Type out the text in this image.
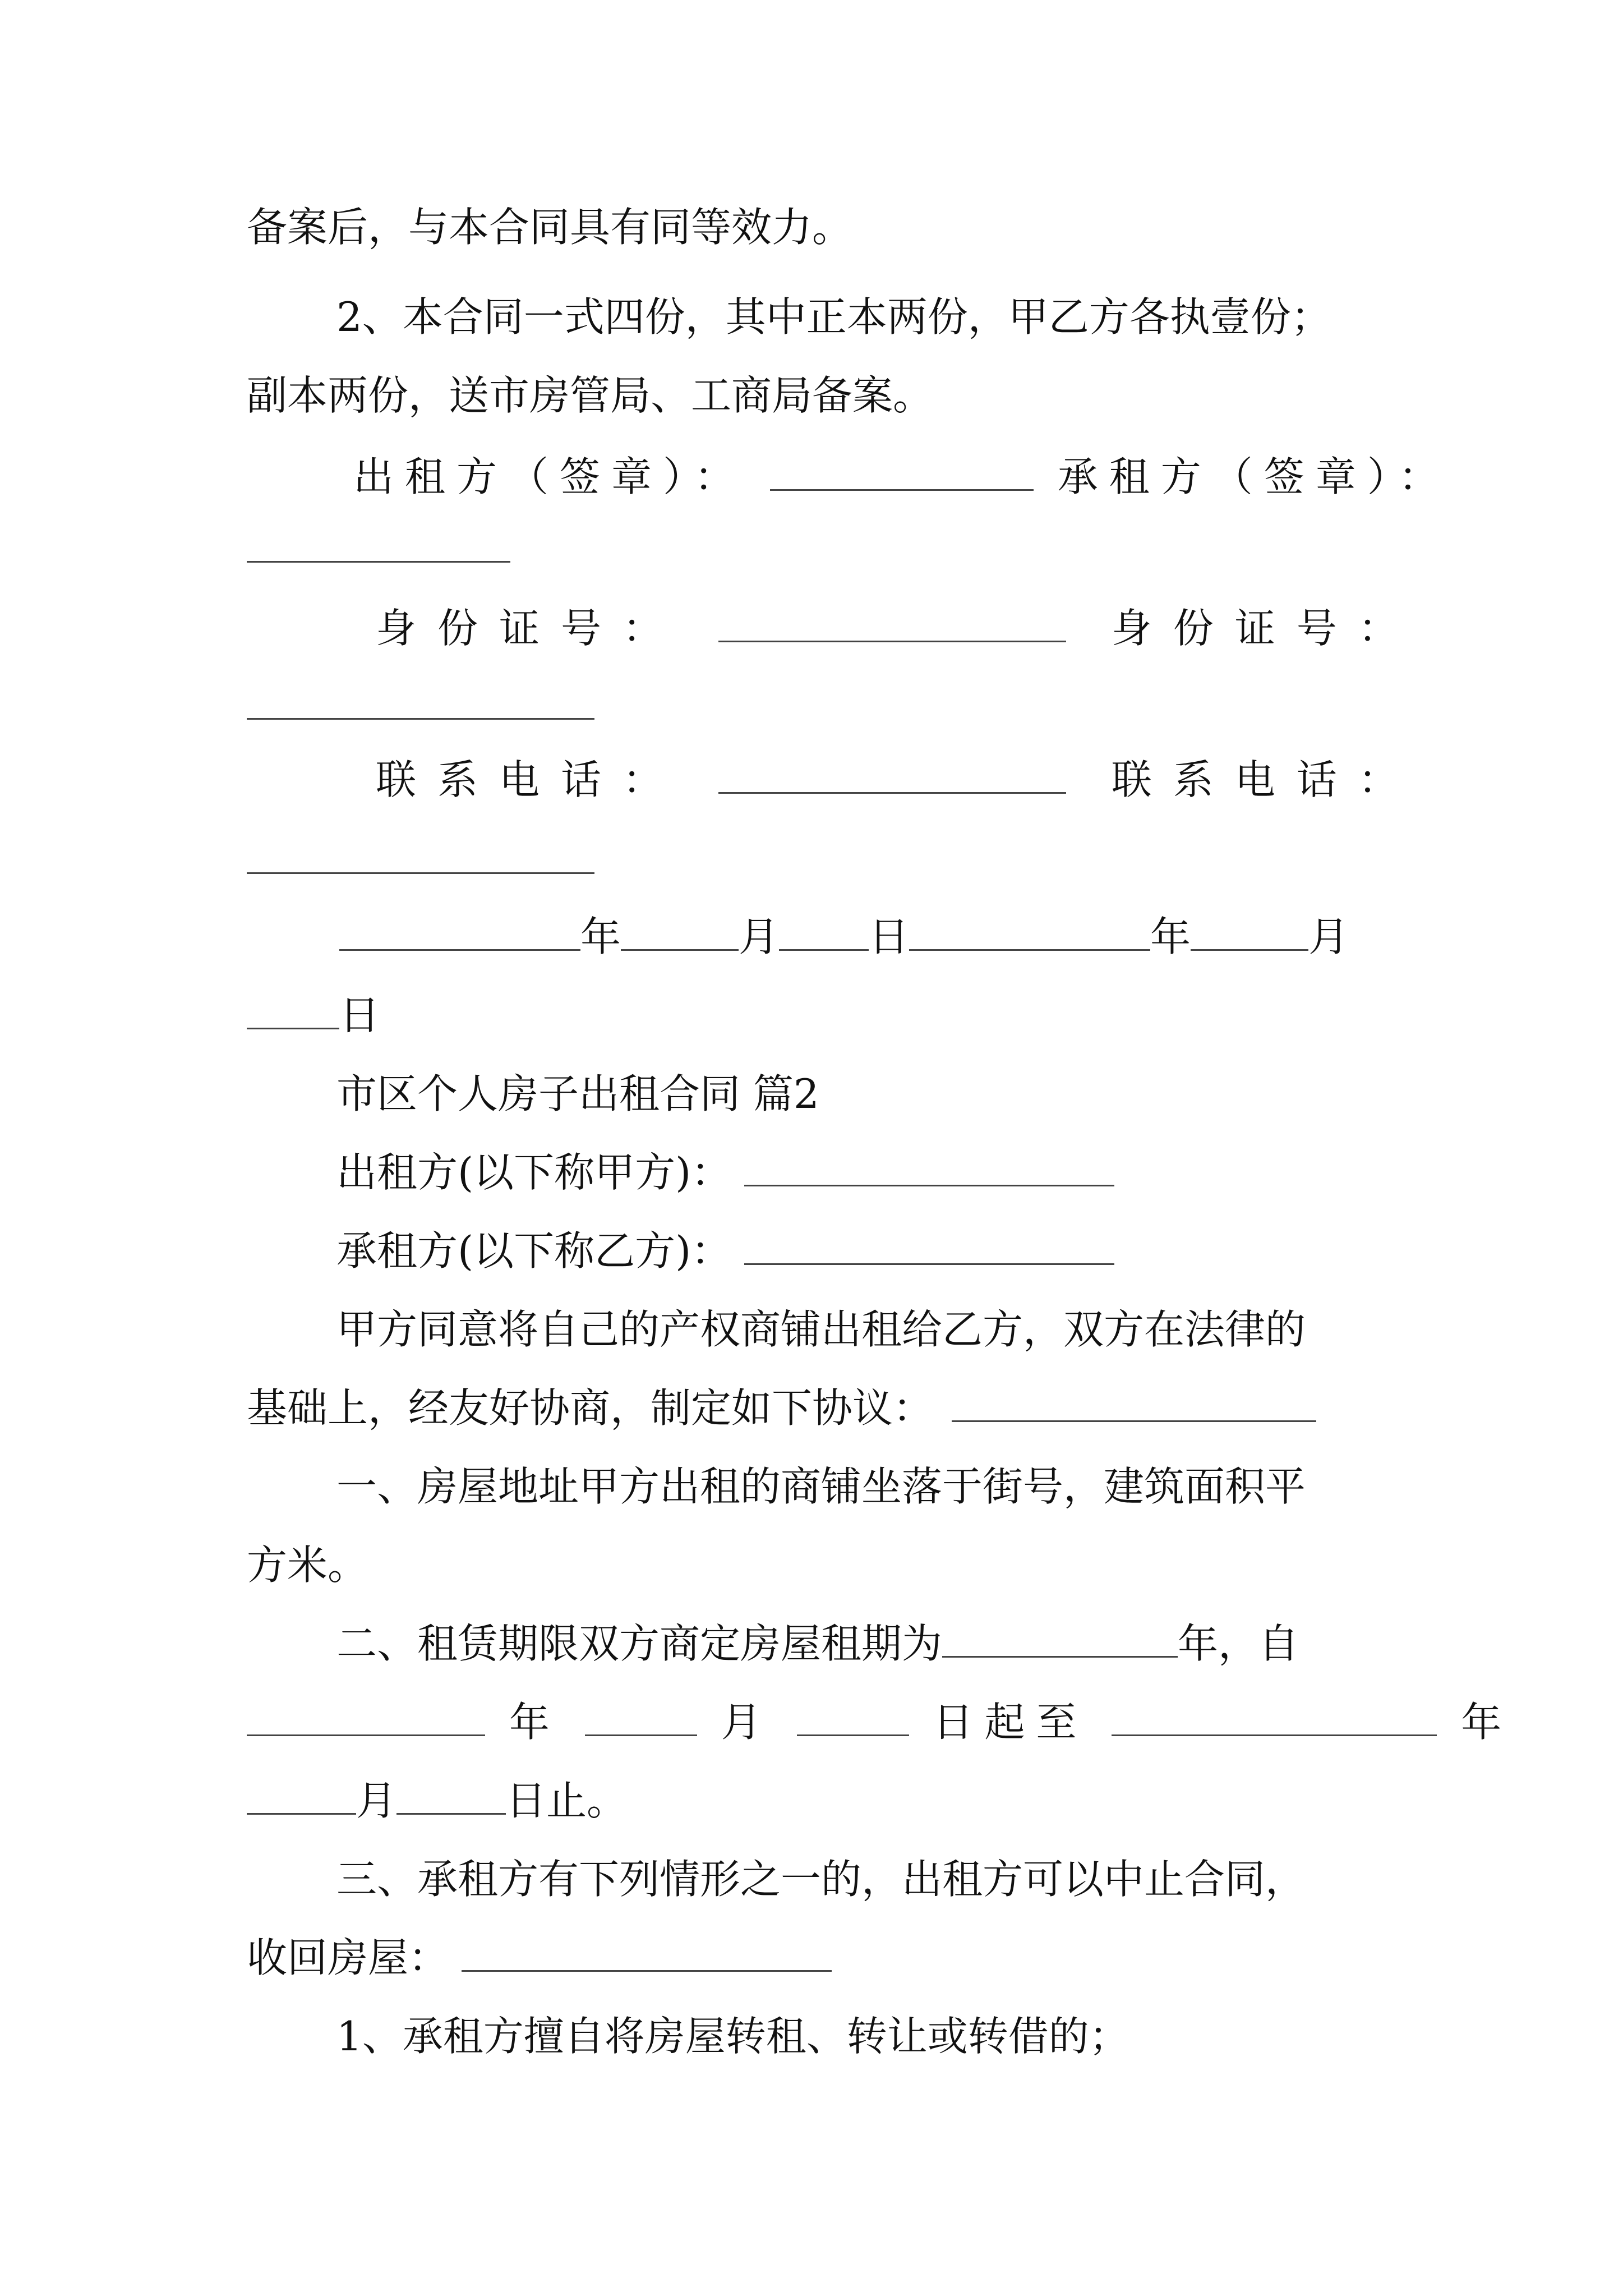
备案后，与本合同具有同等效力。
2、本合同一式四份，其中正本两份，甲乙方各执壹份；
副本两份，送市房管局、工商局备案。
出租方（签章）：	承租方（签章）：
身份证号：	身份证号：
联系电话：	联系电话：
年	月 日	年	月
日
市区个人房子出租合同 篇2
出租方(以下称甲方)：
承租方(以下称乙方)：
甲方同意将自己的产权商铺出租给乙方，双方在法律的
基础上，经友好协商，制定如下协议：
一、房屋地址甲方出租的商铺坐落于街号，建筑面积平
方米。
二、租赁期限双方商定房屋租期为	年，自
年	月	日起至	年
月	日止。
三、承租方有下列情形之一的，出租方可以中止合同，
收回房屋：
1、承租方擅自将房屋转租、转让或转借的；
